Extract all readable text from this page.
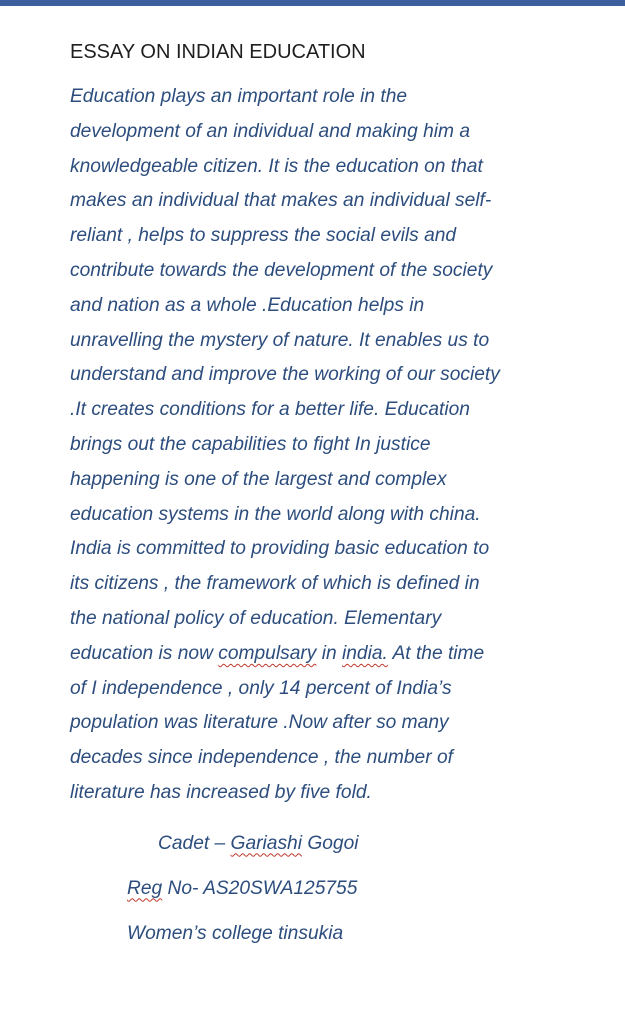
ESSAY ON INDIAN EDUCATION
Education plays an important role in the
development of an individual and making him a
knowledgeable citizen. It is the education on that
makes an individual that makes an individual self-
reliant , helps to suppress the social evils and
contribute towards the development of the society
and nation as a whole .Education helps in
unravelling the mystery of nature. It enables us to
understand and improve the working of our society
.It creates conditions for a better life. Education
brings out the capabilities to fight In justice
happening is one of the largest and complex
education systems in the world along with china.
India is committed to providing basic education to
its citizens , the framework of which is defined in
the national policy of education. Elementary
education is now compulsary in india. At the time
of I independence , only 14 percent of India’s
population was literature .Now after so many
decades since independence , the number of
literature has increased by five fold.
Cadet – Gariashi Gogoi
Reg No- AS20SWA125755
Women’s college tinsukia
